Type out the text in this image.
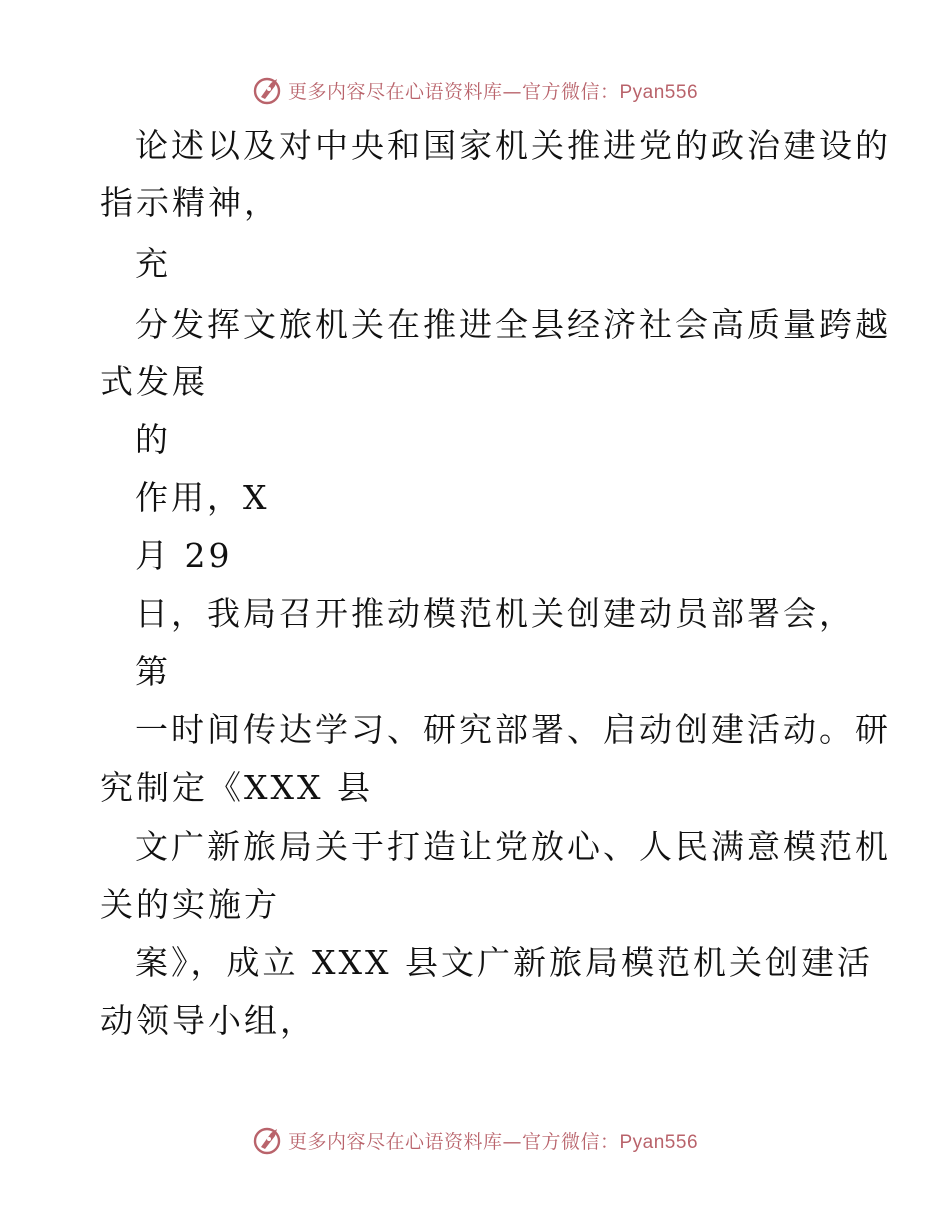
更多内容尽在心语资料库—官方微信：Pyan556
论述以及对中央和国家机关推进党的政治建设的
指示精神，
充
分发挥文旅机关在推进全县经济社会高质量跨越
式发展
的
作用，X
月 29
日，我局召开推动模范机关创建动员部署会，
第
一时间传达学习、研究部署、启动创建活动。研
究制定《XXX 县
文广新旅局关于打造让党放心、人民满意模范机
关的实施方
案》，成立 XXX 县文广新旅局模范机关创建活
动领导小组，
更多内容尽在心语资料库—官方微信：Pyan556
